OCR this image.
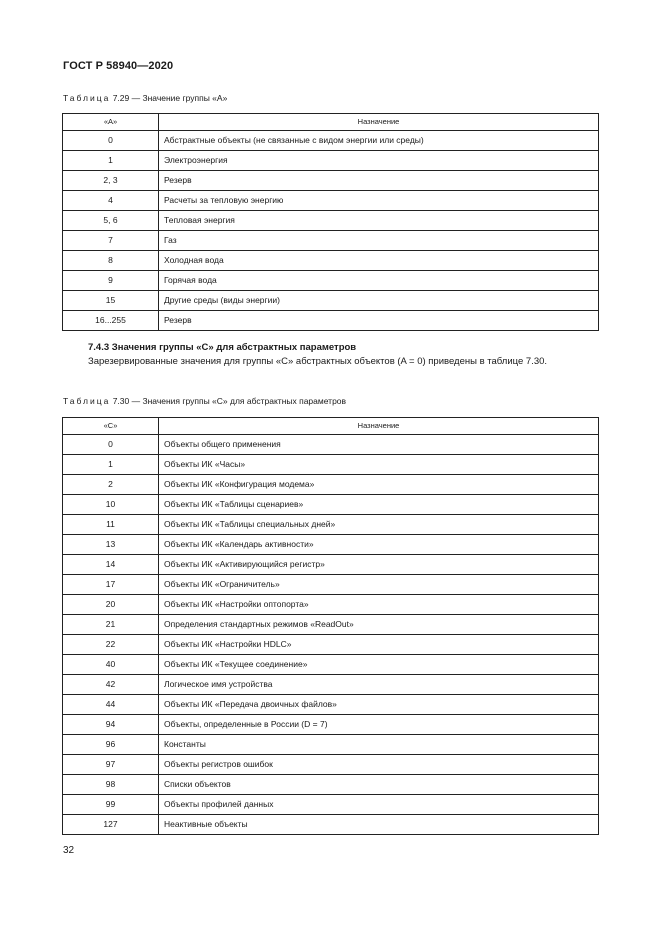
ГОСТ Р 58940—2020
Таблица 7.29 — Значение группы «A»
«A»	Назначение
0	Абстрактные объекты (не связанные с видом энергии или среды)
1	Электроэнергия
2, 3	Резерв
4	Расчеты за тепловую энергию
5, 6	Тепловая энергия
7	Газ
8	Холодная вода
9	Горячая вода
15	Другие среды (виды энергии)
16...255	Резерв
7.4.3 Значения группы «C» для абстрактных параметров
Зарезервированные значения для группы «C» абстрактных объектов (A = 0) приведены в таблице 7.30.
Таблица 7.30 — Значения группы «C» для абстрактных параметров
«C»	Назначение
0	Объекты общего применения
1	Объекты ИК «Часы»
2	Объекты ИК «Конфигурация модема»
10	Объекты ИК «Таблицы сценариев»
11	Объекты ИК «Таблицы специальных дней»
13	Объекты ИК «Календарь активности»
14	Объекты ИК «Активирующийся регистр»
17	Объекты ИК «Ограничитель»
20	Объекты ИК «Настройки оптопорта»
21	Определения стандартных режимов «ReadOut»
22	Объекты ИК «Настройки HDLC»
40	Объекты ИК «Текущее соединение»
42	Логическое имя устройства
44	Объекты ИК «Передача двоичных файлов»
94	Объекты, определенные в России (D = 7)
96	Константы
97	Объекты регистров ошибок
98	Списки объектов
99	Объекты профилей данных
127	Неактивные объекты
32
